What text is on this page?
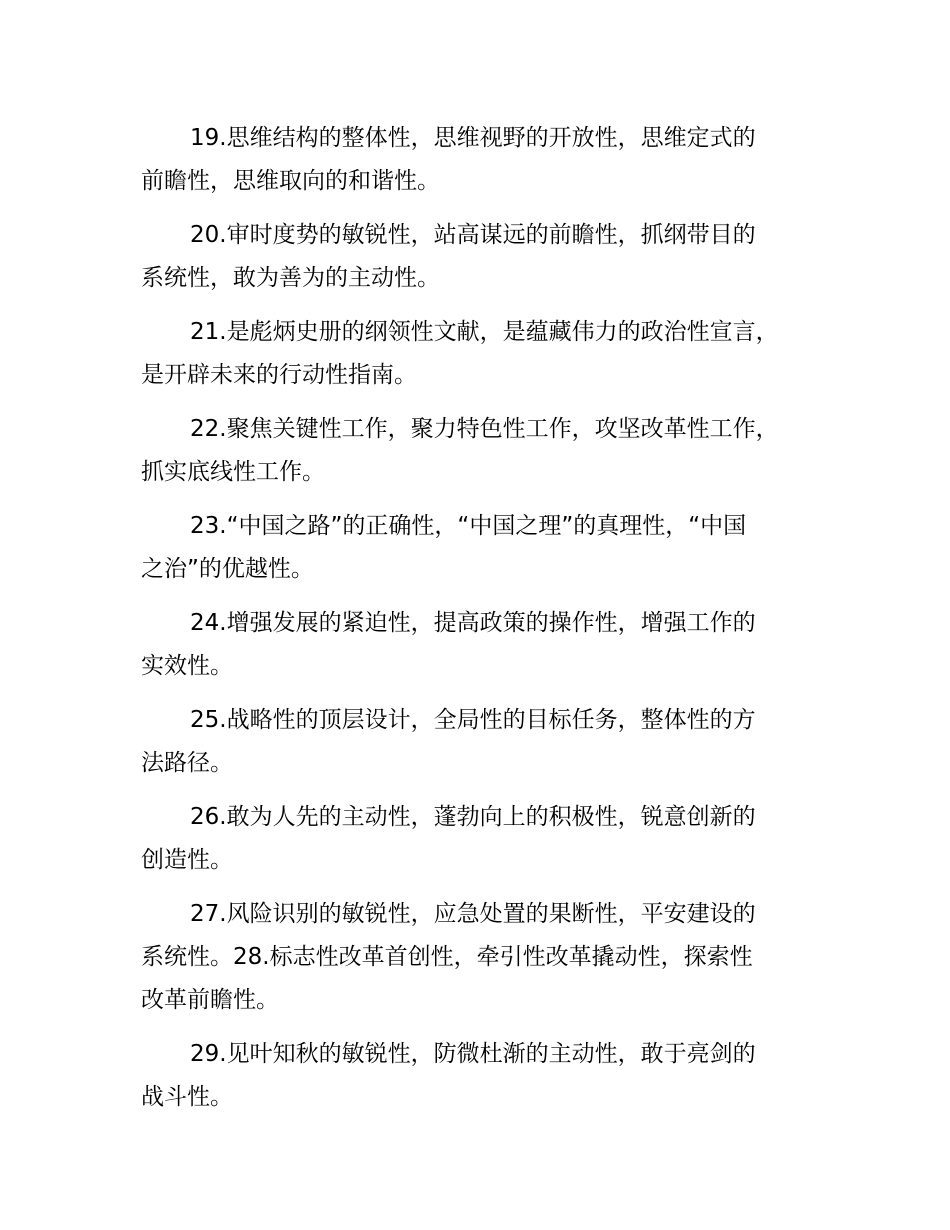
19.思维结构的整体性，思维视野的开放性，思维定式的
前瞻性，思维取向的和谐性。
20.审时度势的敏锐性，站高谋远的前瞻性，抓纲带目的
系统性，敢为善为的主动性。
21.是彪炳史册的纲领性文献，是蕴藏伟力的政治性宣言，
是开辟未来的行动性指南。
22.聚焦关键性工作，聚力特色性工作，攻坚改革性工作，
抓实底线性工作。
23.“中国之路”的正确性，“中国之理”的真理性，“中国
之治”的优越性。
24.增强发展的紧迫性，提高政策的操作性，增强工作的
实效性。
25.战略性的顶层设计，全局性的目标任务，整体性的方
法路径。
26.敢为人先的主动性，蓬勃向上的积极性，锐意创新的
创造性。
27.风险识别的敏锐性，应急处置的果断性，平安建设的
系统性。28.标志性改革首创性，牵引性改革撬动性，探索性
改革前瞻性。
29.见叶知秋的敏锐性，防微杜渐的主动性，敢于亮剑的
战斗性。
